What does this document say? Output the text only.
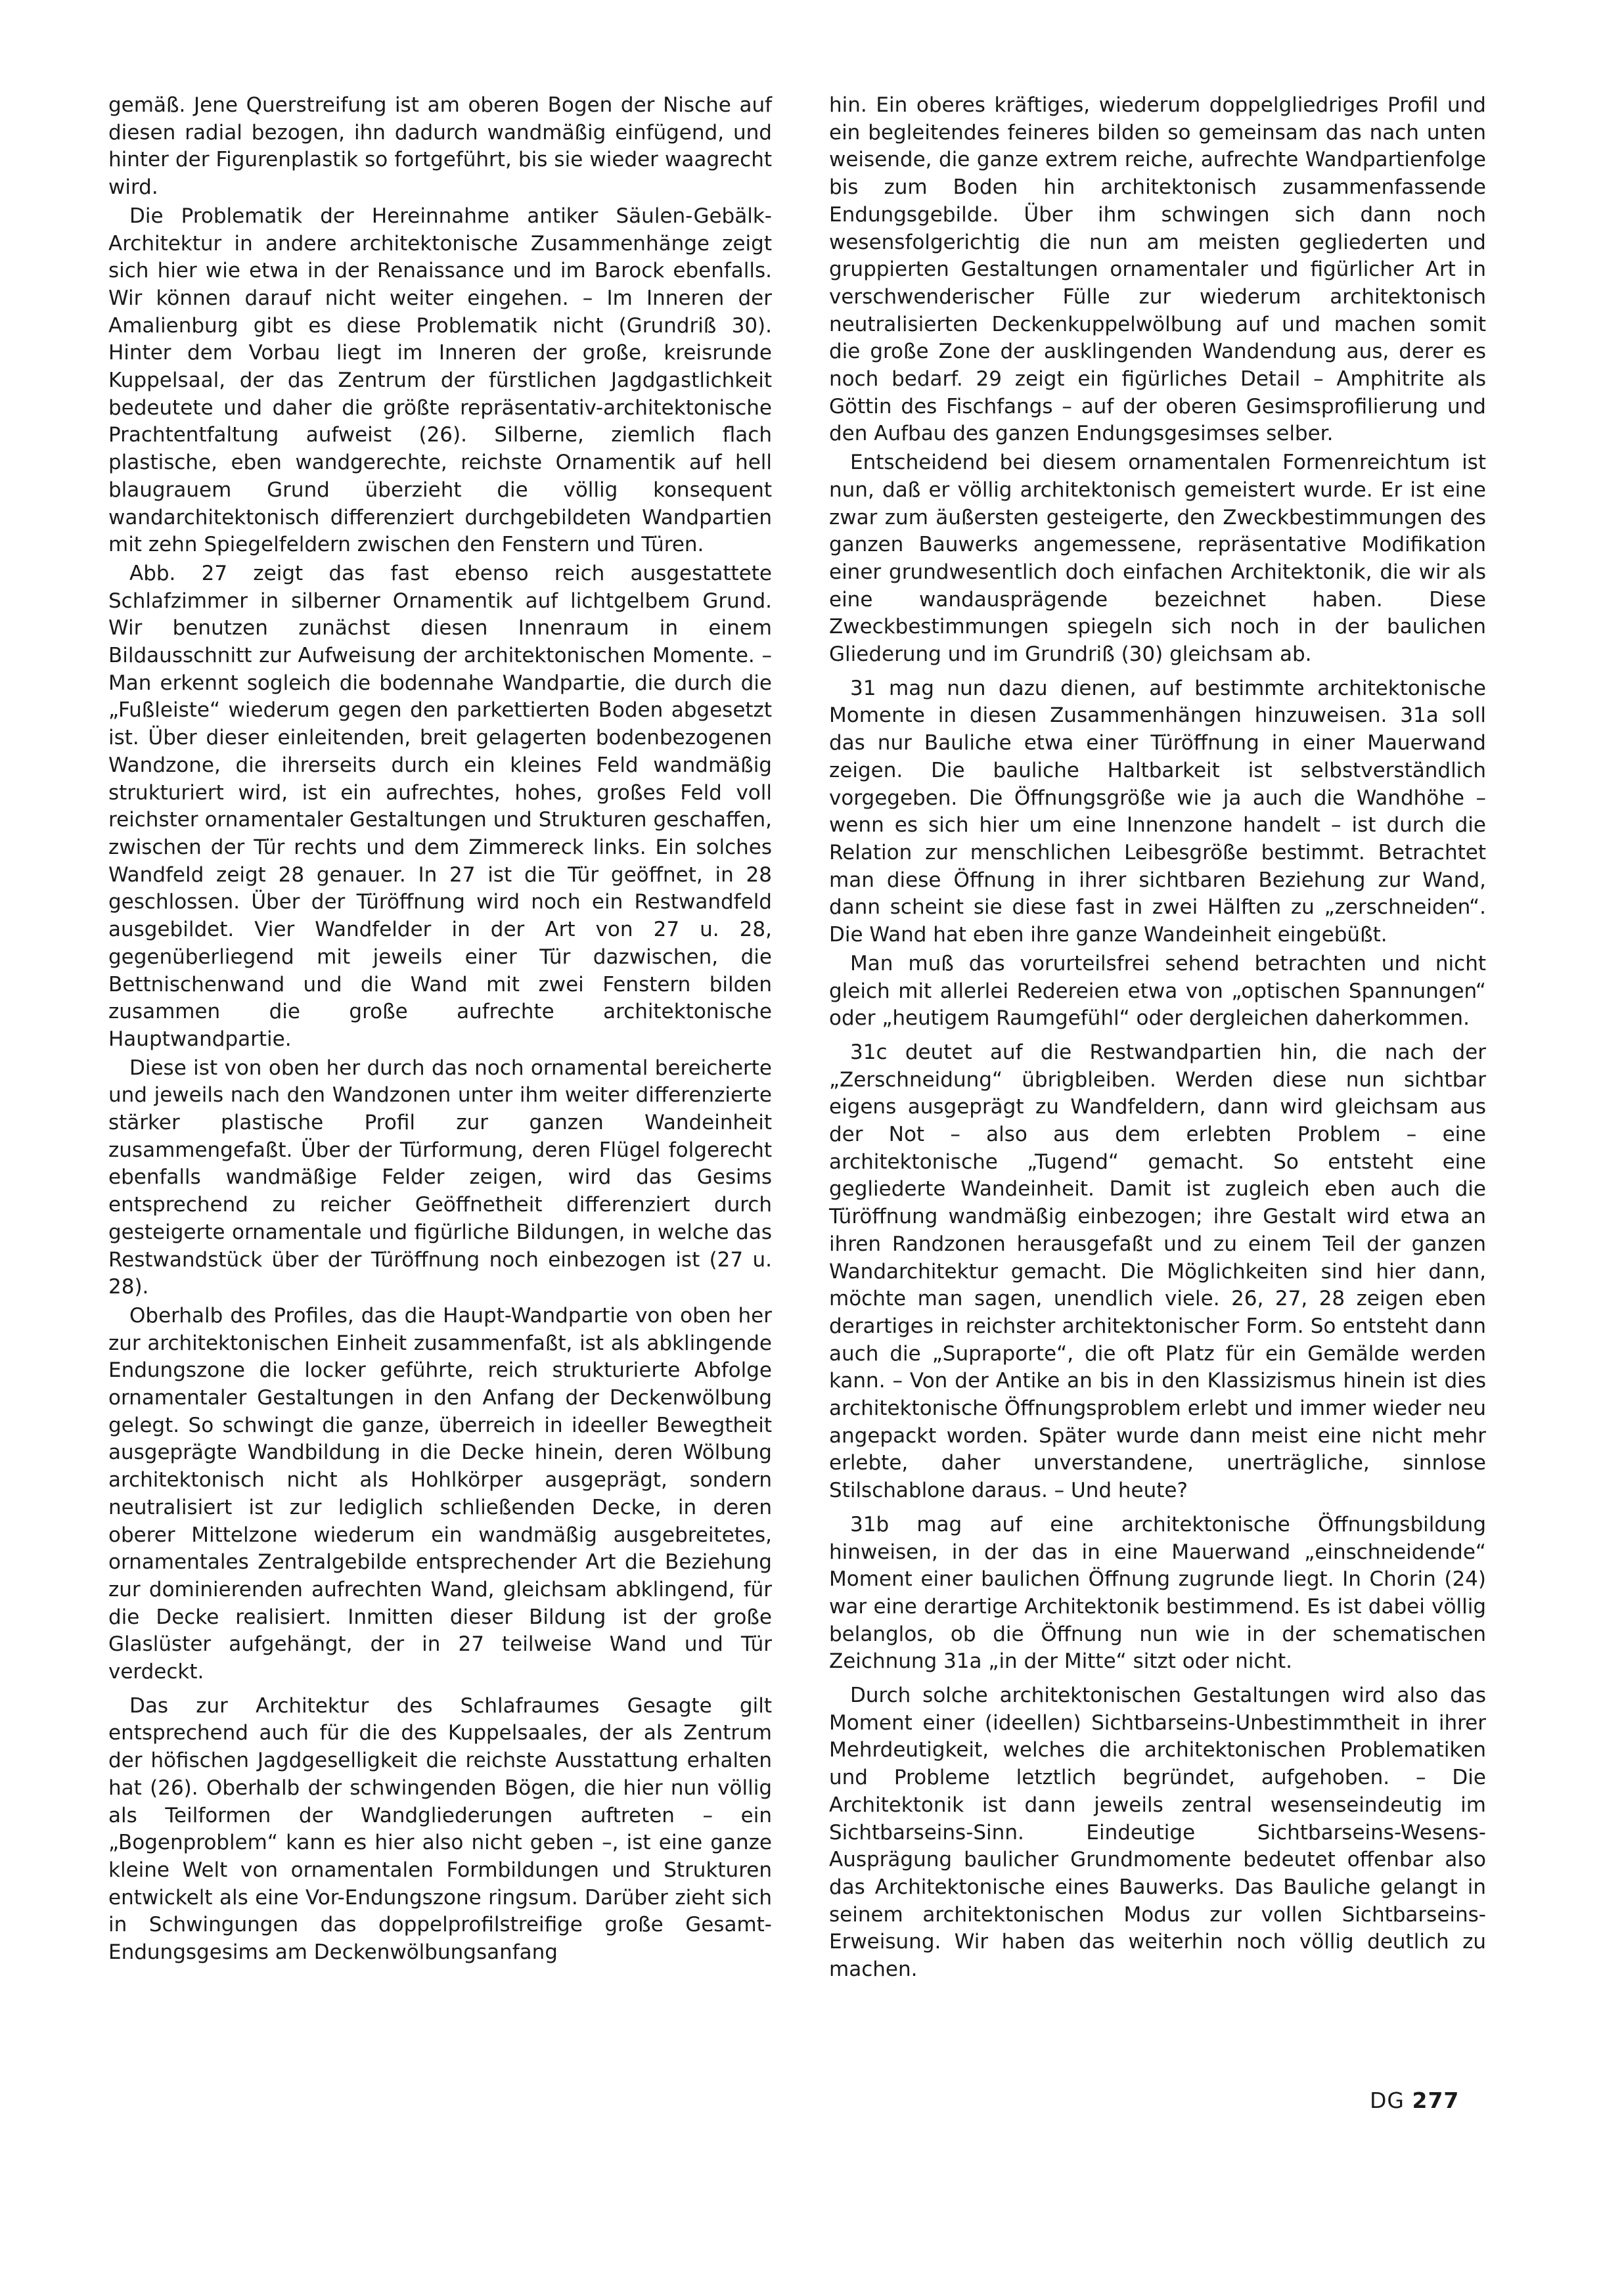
gemäß. Jene Querstreifung ist am oberen Bogen der Nische auf diesen radial bezogen, ihn dadurch wandmäßig einfügend, und hinter der Figurenplastik so fortgeführt, bis sie wieder waagrecht wird.

Die Problematik der Hereinnahme antiker Säulen-Gebälk-Architektur in andere architektonische Zusammenhänge zeigt sich hier wie etwa in der Renaissance und im Barock ebenfalls. Wir können darauf nicht weiter eingehen. – Im Inneren der Amalienburg gibt es diese Problematik nicht (Grundriß 30). Hinter dem Vorbau liegt im Inneren der große, kreisrunde Kuppelsaal, der das Zentrum der fürstlichen Jagdgastlichkeit bedeutete und daher die größte repräsentativ-architektonische Prachtentfaltung aufweist (26). Silberne, ziemlich flach plastische, eben wandgerechte, reichste Ornamentik auf hell blaugrauem Grund überzieht die völlig konsequent wandarchitektonisch differenziert durchgebildeten Wandpartien mit zehn Spiegelfeldern zwischen den Fenstern und Türen.

Abb. 27 zeigt das fast ebenso reich ausgestattete Schlafzimmer in silberner Ornamentik auf lichtgelbem Grund. Wir benutzen zunächst diesen Innenraum in einem Bildausschnitt zur Aufweisung der architektonischen Momente. – Man erkennt sogleich die bodennahe Wandpartie, die durch die „Fußleiste“ wiederum gegen den parkettierten Boden abgesetzt ist. Über dieser einleitenden, breit gelagerten bodenbezogenen Wandzone, die ihrerseits durch ein kleines Feld wandmäßig strukturiert wird, ist ein aufrechtes, hohes, großes Feld voll reichster ornamentaler Gestaltungen und Strukturen geschaffen, zwischen der Tür rechts und dem Zimmereck links. Ein solches Wandfeld zeigt 28 genauer. In 27 ist die Tür geöffnet, in 28 geschlossen. Über der Türöffnung wird noch ein Restwandfeld ausgebildet. Vier Wandfelder in der Art von 27 u. 28, gegenüberliegend mit jeweils einer Tür dazwischen, die Bettnischenwand und die Wand mit zwei Fenstern bilden zusammen die große aufrechte architektonische Hauptwandpartie.

Diese ist von oben her durch das noch ornamental bereicherte und jeweils nach den Wandzonen unter ihm weiter differenzierte stärker plastische Profil zur ganzen Wandeinheit zusammengefaßt. Über der Türformung, deren Flügel folgerecht ebenfalls wandmäßige Felder zeigen, wird das Gesims entsprechend zu reicher Geöffnetheit differenziert durch gesteigerte ornamentale und figürliche Bildungen, in welche das Restwandstück über der Türöffnung noch einbezogen ist (27 u. 28).

Oberhalb des Profiles, das die Haupt-Wandpartie von oben her zur architektonischen Einheit zusammenfaßt, ist als abklingende Endungszone die locker geführte, reich strukturierte Abfolge ornamentaler Gestaltungen in den Anfang der Deckenwölbung gelegt. So schwingt die ganze, überreich in ideeller Bewegtheit ausgeprägte Wandbildung in die Decke hinein, deren Wölbung architektonisch nicht als Hohlkörper ausgeprägt, sondern neutralisiert ist zur lediglich schließenden Decke, in deren oberer Mittelzone wiederum ein wandmäßig ausgebreitetes, ornamentales Zentralgebilde entsprechender Art die Beziehung zur dominierenden aufrechten Wand, gleichsam abklingend, für die Decke realisiert. Inmitten dieser Bildung ist der große Glaslüster aufgehängt, der in 27 teilweise Wand und Tür verdeckt.

Das zur Architektur des Schlafraumes Gesagte gilt entsprechend auch für die des Kuppelsaales, der als Zentrum der höfischen Jagdgeselligkeit die reichste Ausstattung erhalten hat (26). Oberhalb der schwingenden Bögen, die hier nun völlig als Teilformen der Wandgliederungen auftreten – ein „Bogenproblem“ kann es hier also nicht geben –, ist eine ganze kleine Welt von ornamentalen Formbildungen und Strukturen entwickelt als eine Vor-Endungszone ringsum. Darüber zieht sich in Schwingungen das doppelprofilstreifige große Gesamt-Endungsgesims am Deckenwölbungsanfang

hin. Ein oberes kräftiges, wiederum doppelgliedriges Profil und ein begleitendes feineres bilden so gemeinsam das nach unten weisende, die ganze extrem reiche, aufrechte Wandpartienfolge bis zum Boden hin architektonisch zusammenfassende Endungsgebilde. Über ihm schwingen sich dann noch wesensfolgerichtig die nun am meisten gegliederten und gruppierten Gestaltungen ornamentaler und figürlicher Art in verschwenderischer Fülle zur wiederum architektonisch neutralisierten Deckenkuppelwölbung auf und machen somit die große Zone der ausklingenden Wandendung aus, derer es noch bedarf. 29 zeigt ein figürliches Detail – Amphitrite als Göttin des Fischfangs – auf der oberen Gesimsprofilierung und den Aufbau des ganzen Endungsgesimses selber.

Entscheidend bei diesem ornamentalen Formenreichtum ist nun, daß er völlig architektonisch gemeistert wurde. Er ist eine zwar zum äußersten gesteigerte, den Zweckbestimmungen des ganzen Bauwerks angemessene, repräsentative Modifikation einer grundwesentlich doch einfachen Architektonik, die wir als eine wandausprägende bezeichnet haben. Diese Zweckbestimmungen spiegeln sich noch in der baulichen Gliederung und im Grundriß (30) gleichsam ab.

31 mag nun dazu dienen, auf bestimmte architektonische Momente in diesen Zusammenhängen hinzuweisen. 31a soll das nur Bauliche etwa einer Türöffnung in einer Mauerwand zeigen. Die bauliche Haltbarkeit ist selbstverständlich vorgegeben. Die Öffnungsgröße wie ja auch die Wandhöhe – wenn es sich hier um eine Innenzone handelt – ist durch die Relation zur menschlichen Leibesgröße bestimmt. Betrachtet man diese Öffnung in ihrer sichtbaren Beziehung zur Wand, dann scheint sie diese fast in zwei Hälften zu „zerschneiden“. Die Wand hat eben ihre ganze Wandeinheit eingebüßt.

Man muß das vorurteilsfrei sehend betrachten und nicht gleich mit allerlei Redereien etwa von „optischen Spannungen“ oder „heutigem Raumgefühl“ oder dergleichen daherkommen.

31c deutet auf die Restwandpartien hin, die nach der „Zerschneidung“ übrigbleiben. Werden diese nun sichtbar eigens ausgeprägt zu Wandfeldern, dann wird gleichsam aus der Not – also aus dem erlebten Problem – eine architektonische „Tugend“ gemacht. So entsteht eine gegliederte Wandeinheit. Damit ist zugleich eben auch die Türöffnung wandmäßig einbezogen; ihre Gestalt wird etwa an ihren Randzonen herausgefaßt und zu einem Teil der ganzen Wandarchitektur gemacht. Die Möglichkeiten sind hier dann, möchte man sagen, unendlich viele. 26, 27, 28 zeigen eben derartiges in reichster architektonischer Form. So entsteht dann auch die „Supraporte“, die oft Platz für ein Gemälde werden kann. – Von der Antike an bis in den Klassizismus hinein ist dies architektonische Öffnungsproblem erlebt und immer wieder neu angepackt worden. Später wurde dann meist eine nicht mehr erlebte, daher unverstandene, unerträgliche, sinnlose Stilschablone daraus. – Und heute?

31b mag auf eine architektonische Öffnungsbildung hinweisen, in der das in eine Mauerwand „einschneidende“ Moment einer baulichen Öffnung zugrunde liegt. In Chorin (24) war eine derartige Architektonik bestimmend. Es ist dabei völlig belanglos, ob die Öffnung nun wie in der schematischen Zeichnung 31a „in der Mitte“ sitzt oder nicht.

Durch solche architektonischen Gestaltungen wird also das Moment einer (ideellen) Sichtbarseins-Unbestimmtheit in ihrer Mehrdeutigkeit, welches die architektonischen Problematiken und Probleme letztlich begründet, aufgehoben. – Die Architektonik ist dann jeweils zentral wesenseindeutig im Sichtbarseins-Sinn. Eindeutige Sichtbarseins-Wesens-Ausprägung baulicher Grundmomente bedeutet offenbar also das Architektonische eines Bauwerks. Das Bauliche gelangt in seinem architektonischen Modus zur vollen Sichtbarseins-Erweisung. Wir haben das weiterhin noch völlig deutlich zu machen.

DG 277
